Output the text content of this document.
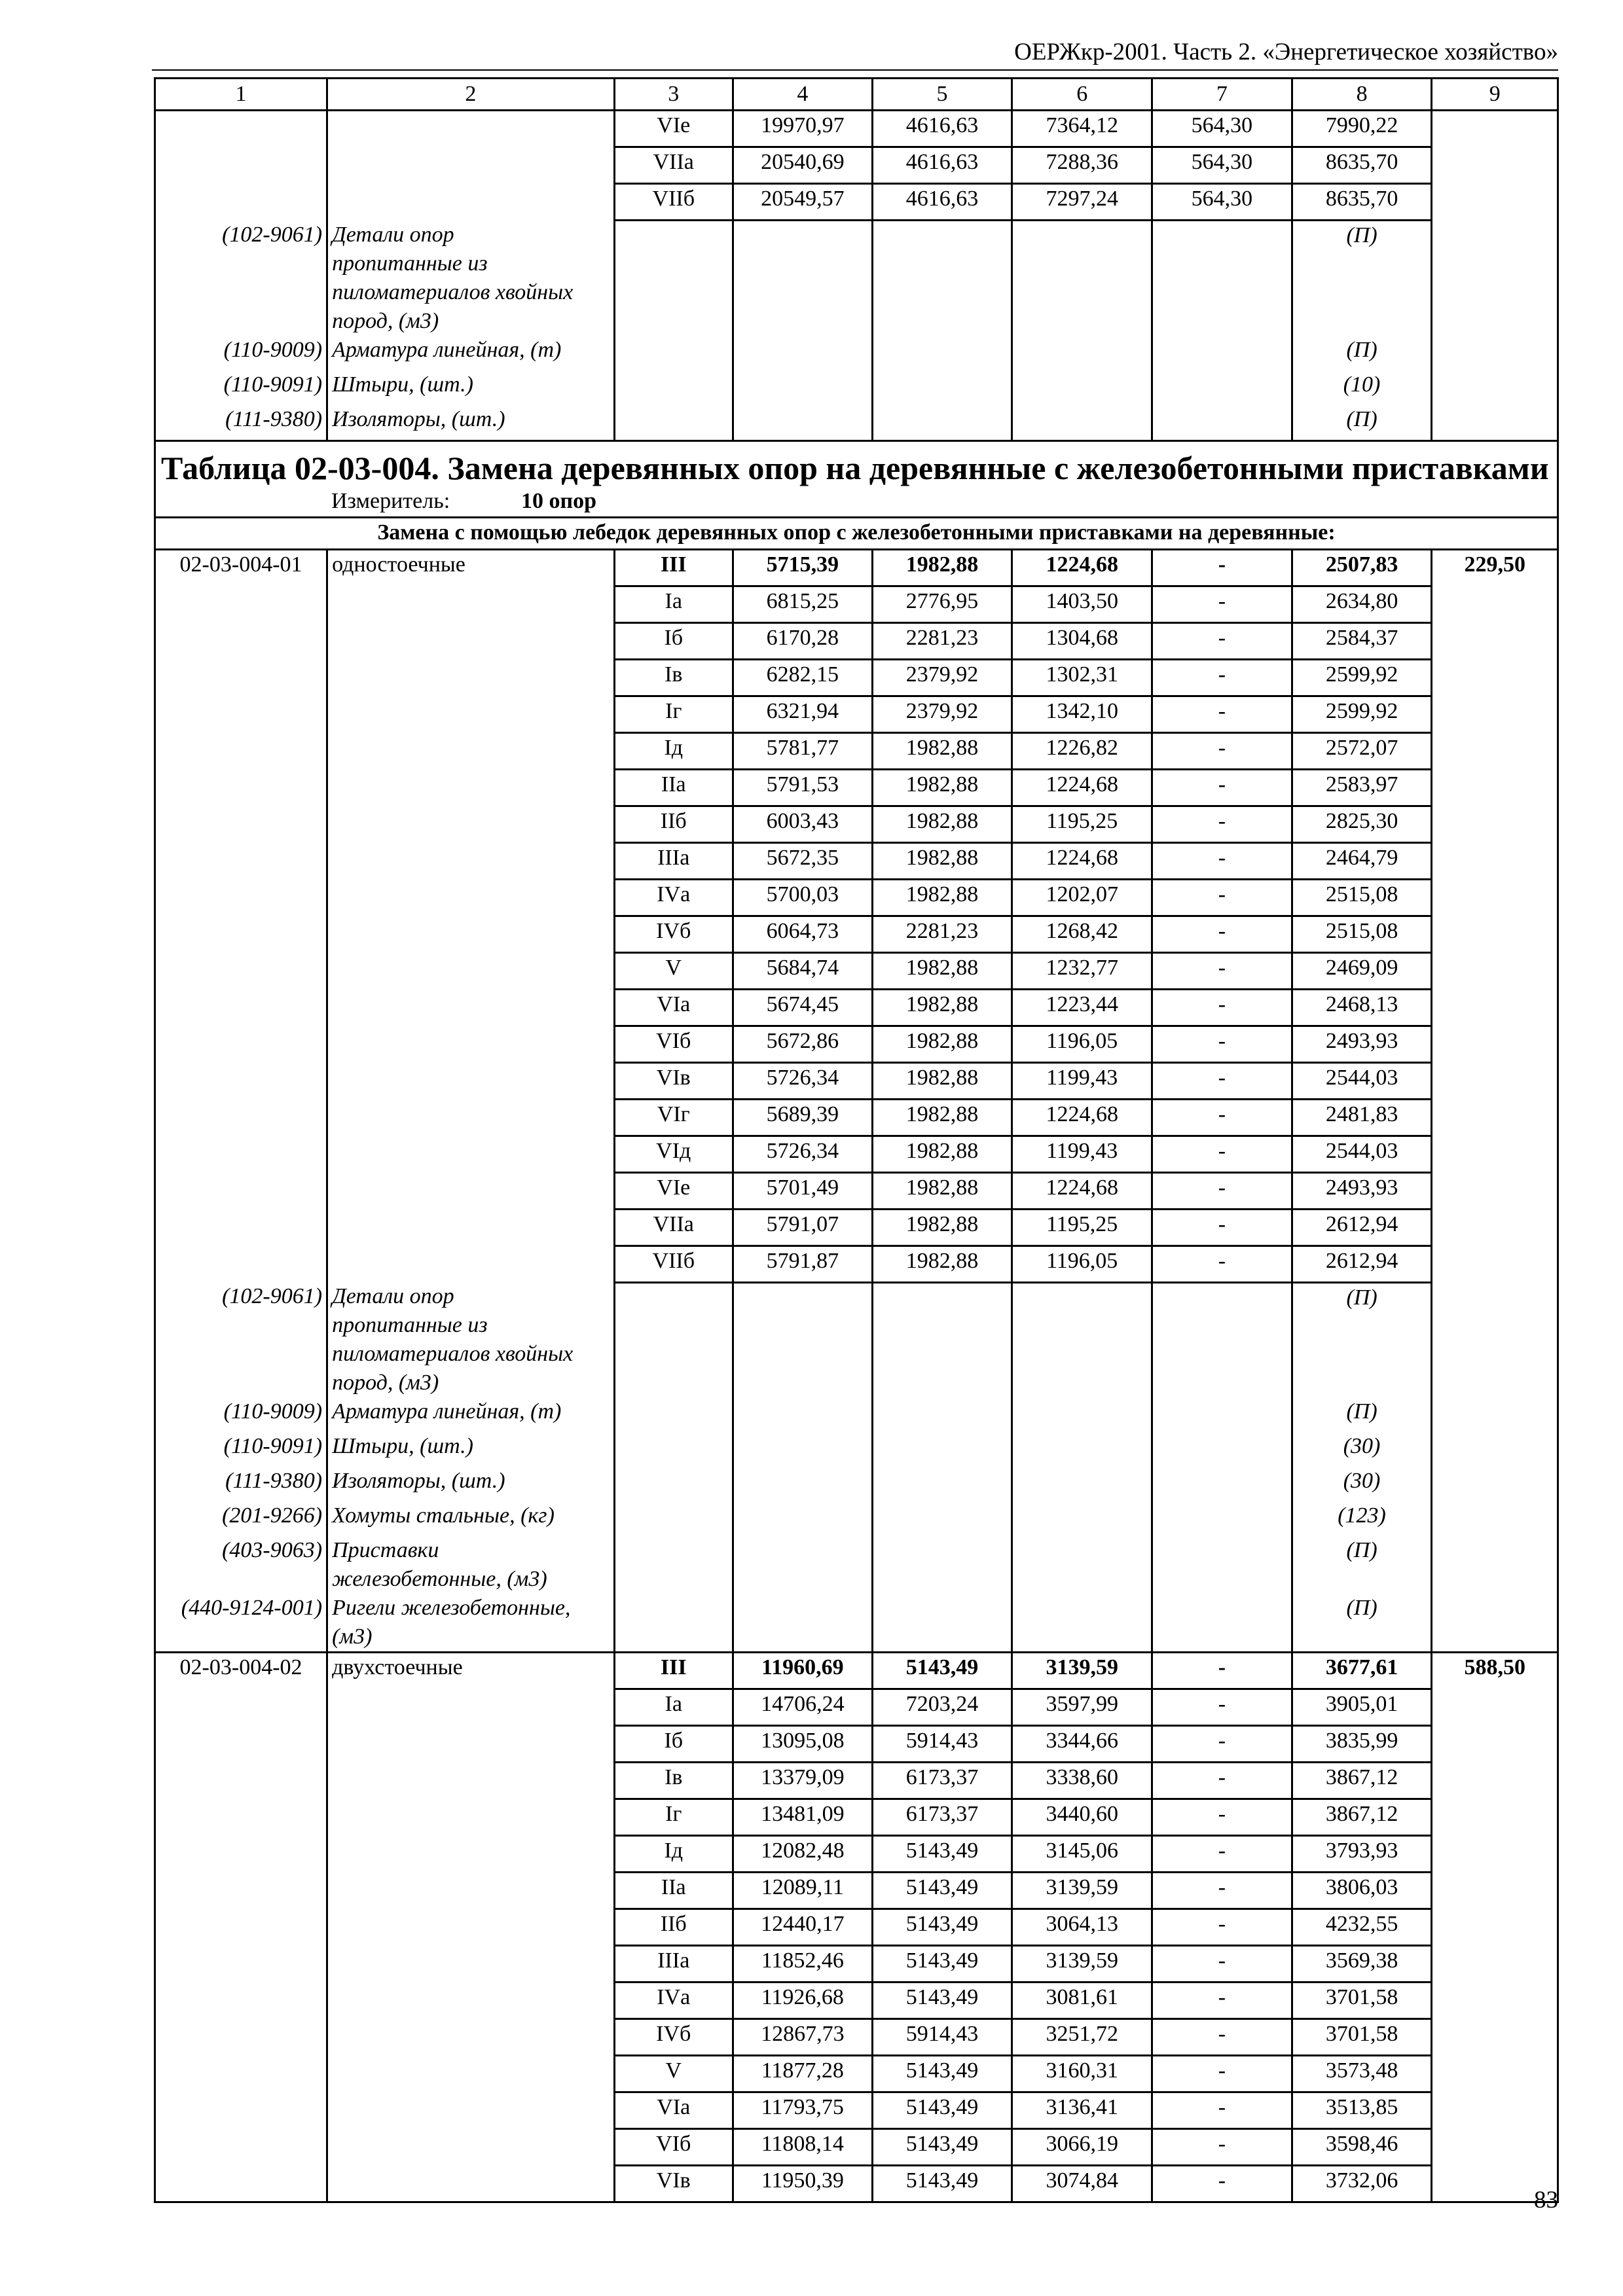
ОЕРЖкр-2001. Часть 2. «Энергетическое хозяйство»
1	2	3	4	5	6	7	8	9
		VIе	19970,97	4616,63	7364,12	564,30	7990,22	
		VIIа	20540,69	4616,63	7288,36	564,30	8635,70	
		VIIб	20549,57	4616,63	7297,24	564,30	8635,70	
(102-9061)	Детали опор
пропитанные из
пиломатериалов хвойных
пород, (м3)						(П)	
(110-9009)	Арматура линейная, (т)						(П)	
(110-9091)	Штыри, (шт.)						(10)	
(111-9380)	Изоляторы, (шт.)						(П)	
Таблица 02-03-004. Замена деревянных опор на деревянные с железобетонными приставками								
Измеритель: 10 опор								
Замена с помощью лебедок деревянных опор с железобетонными приставками на деревянные:								
02-03-004-01	одностоечные	III	5715,39	1982,88	1224,68	-	2507,83	229,50
		Iа	6815,25	2776,95	1403,50	-	2634,80	
		Iб	6170,28	2281,23	1304,68	-	2584,37	
		Iв	6282,15	2379,92	1302,31	-	2599,92	
		Iг	6321,94	2379,92	1342,10	-	2599,92	
		Iд	5781,77	1982,88	1226,82	-	2572,07	
		IIа	5791,53	1982,88	1224,68	-	2583,97	
		IIб	6003,43	1982,88	1195,25	-	2825,30	
		IIIа	5672,35	1982,88	1224,68	-	2464,79	
		IVа	5700,03	1982,88	1202,07	-	2515,08	
		IVб	6064,73	2281,23	1268,42	-	2515,08	
		V	5684,74	1982,88	1232,77	-	2469,09	
		VIа	5674,45	1982,88	1223,44	-	2468,13	
		VIб	5672,86	1982,88	1196,05	-	2493,93	
		VIв	5726,34	1982,88	1199,43	-	2544,03	
		VIг	5689,39	1982,88	1224,68	-	2481,83	
		VIд	5726,34	1982,88	1199,43	-	2544,03	
		VIе	5701,49	1982,88	1224,68	-	2493,93	
		VIIа	5791,07	1982,88	1195,25	-	2612,94	
		VIIб	5791,87	1982,88	1196,05	-	2612,94	
(102-9061)	Детали опор
пропитанные из
пиломатериалов хвойных
пород, (м3)						(П)	
(110-9009)	Арматура линейная, (т)						(П)	
(110-9091)	Штыри, (шт.)						(30)	
(111-9380)	Изоляторы, (шт.)						(30)	
(201-9266)	Хомуты стальные, (кг)						(123)	
(403-9063)	Приставки
железобетонные, (м3)						(П)	
(440-9124-001)	Ригели железобетонные,
(м3)						(П)	
02-03-004-02	двухстоечные	III	11960,69	5143,49	3139,59	-	3677,61	588,50
		Iа	14706,24	7203,24	3597,99	-	3905,01	
		Iб	13095,08	5914,43	3344,66	-	3835,99	
		Iв	13379,09	6173,37	3338,60	-	3867,12	
		Iг	13481,09	6173,37	3440,60	-	3867,12	
		Iд	12082,48	5143,49	3145,06	-	3793,93	
		IIа	12089,11	5143,49	3139,59	-	3806,03	
		IIб	12440,17	5143,49	3064,13	-	4232,55	
		IIIа	11852,46	5143,49	3139,59	-	3569,38	
		IVа	11926,68	5143,49	3081,61	-	3701,58	
		IVб	12867,73	5914,43	3251,72	-	3701,58	
		V	11877,28	5143,49	3160,31	-	3573,48	
		VIа	11793,75	5143,49	3136,41	-	3513,85	
		VIб	11808,14	5143,49	3066,19	-	3598,46	
		VIв	11950,39	5143,49	3074,84	-	3732,06	
83
